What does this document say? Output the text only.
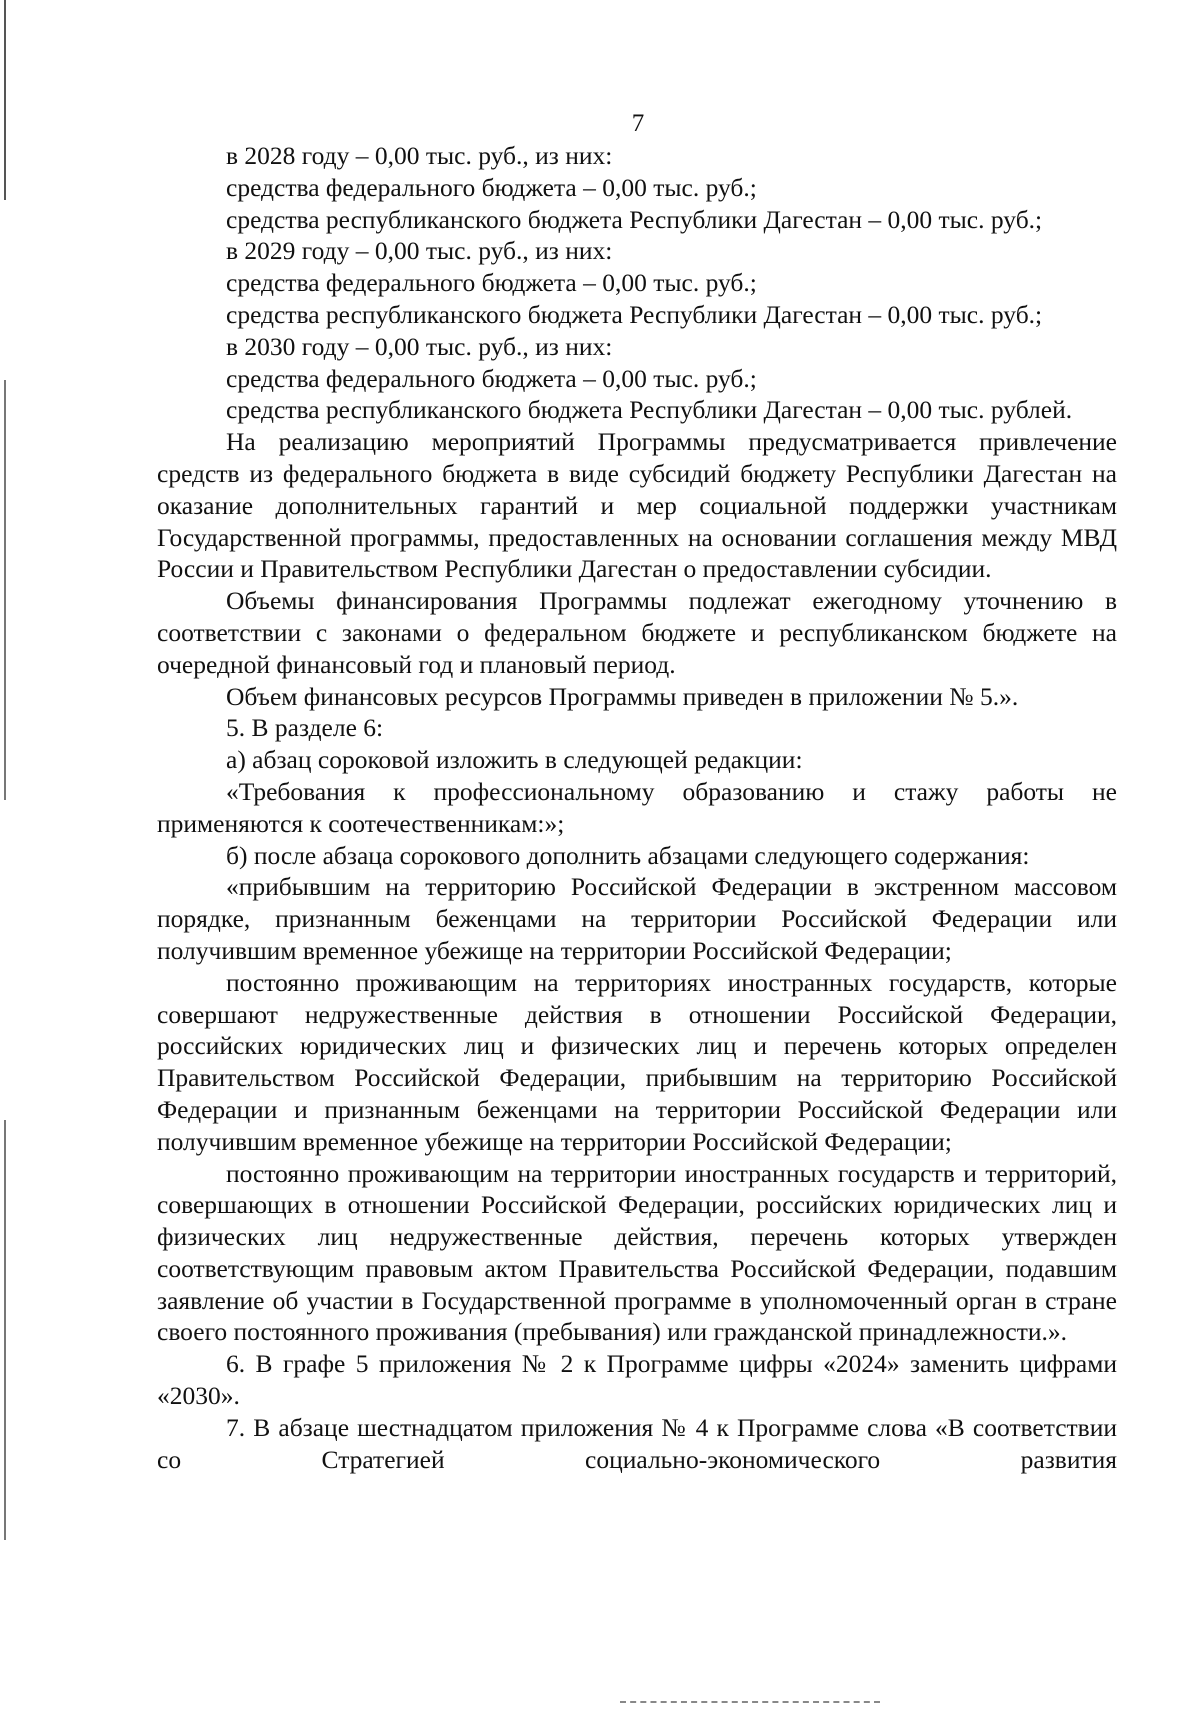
7

в 2028 году – 0,00 тыс. руб., из них:

средства федерального бюджета – 0,00 тыс. руб.;

средства республиканского бюджета Республики Дагестан – 0,00 тыс. руб.;

в 2029 году – 0,00 тыс. руб., из них:

средства федерального бюджета – 0,00 тыс. руб.;

средства республиканского бюджета Республики Дагестан – 0,00 тыс. руб.;

в 2030 году – 0,00 тыс. руб., из них:

средства федерального бюджета – 0,00 тыс. руб.;

средства республиканского бюджета Республики Дагестан – 0,00 тыс. рублей.

На реализацию мероприятий Программы предусматривается привлечение средств из федерального бюджета в виде субсидий бюджету Республики Дагестан на оказание дополнительных гарантий и мер социальной поддержки участникам Государственной программы, предоставленных на основании соглашения между МВД России и Правительством Республики Дагестан о предоставлении субсидии.

Объемы финансирования Программы подлежат ежегодному уточнению в соответствии с законами о федеральном бюджете и республиканском бюджете на очередной финансовый год и плановый период.

Объем финансовых ресурсов Программы приведен в приложении № 5.».

5. В разделе 6:

а) абзац сороковой изложить в следующей редакции:

«Требования к профессиональному образованию и стажу работы не применяются к соотечественникам:»;

б) после абзаца сорокового дополнить абзацами следующего содержания:

«прибывшим на территорию Российской Федерации в экстренном массовом порядке, признанным беженцами на территории Российской Федерации или получившим временное убежище на территории Российской Федерации;

постоянно проживающим на территориях иностранных государств, которые совершают недружественные действия в отношении Российской Федерации, российских юридических лиц и физических лиц и перечень которых определен Правительством Российской Федерации, прибывшим на территорию Российской Федерации и признанным беженцами на территории Российской Федерации или получившим временное убежище на территории Российской Федерации;

постоянно проживающим на территории иностранных государств и территорий, совершающих в отношении Российской Федерации, российских юридических лиц и физических лиц недружественные действия, перечень которых утвержден соответствующим правовым актом Правительства Российской Федерации, подавшим заявление об участии в Государственной программе в уполномоченный орган в стране своего постоянного проживания (пребывания) или гражданской принадлежности.».

6. В графе 5 приложения № 2 к Программе цифры «2024» заменить цифрами «2030».

7. В абзаце шестнадцатом приложения № 4 к Программе слова «В соответствии со Стратегией социально-экономического развития
